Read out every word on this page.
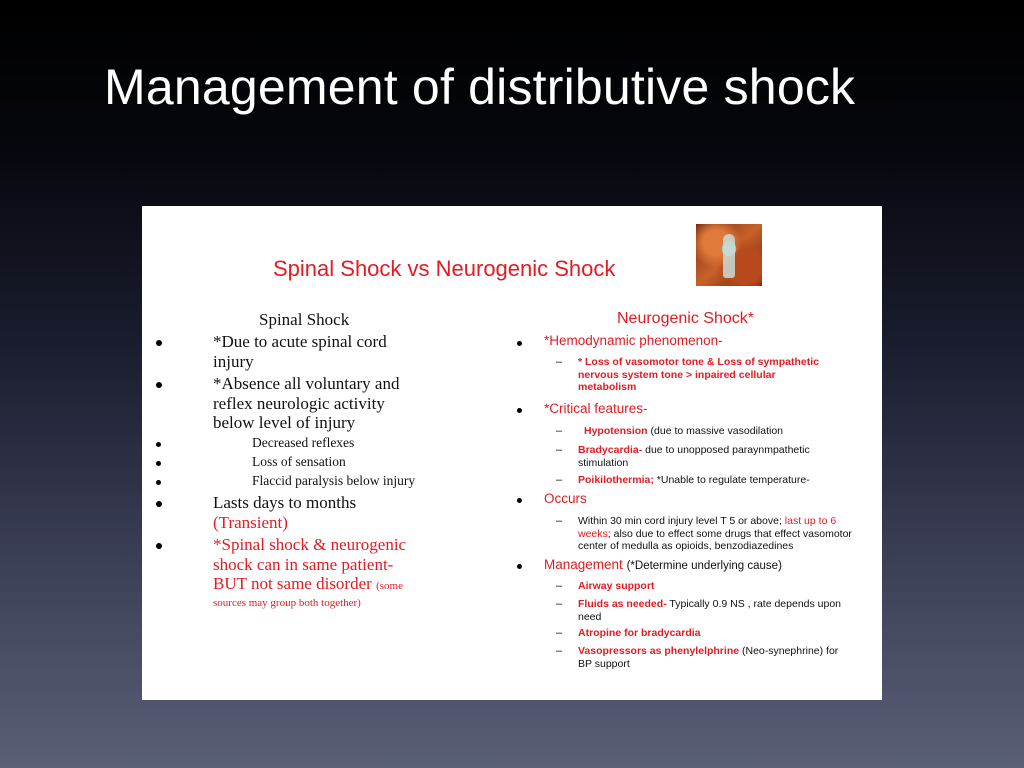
Management of distributive shock
Spinal Shock vs Neurogenic Shock
Spinal Shock
*Due to acute spinal cord
injury
*Absence all voluntary and
reflex neurologic activity
below level of injury
Decreased reflexes
Loss of sensation
Flaccid paralysis below injury
Lasts days to months
(Transient)
*Spinal shock & neurogenic
shock can in same patient-
BUT not same disorder (some
sources may group both together)
Neurogenic Shock*
*Hemodynamic phenomenon-
– * Loss of vasomotor tone & Loss of sympathetic
nervous system tone > inpaired cellular
metabolism
*Critical features-
– Hypotension (due to massive vasodilation
– Bradycardia- due to unopposed paraynmpathetic
stimulation
– Poikilothermia; *Unable to regulate temperature-
Occurs
– Within 30 min cord injury level T 5 or above; last up to 6
weeks; also due to effect some drugs that effect vasomotor
center of medulla as opioids, benzodiazedines
Management (*Determine underlying cause)
– Airway support
– Fluids as needed- Typically 0.9 NS , rate depends upon
need
– Atropine for bradycardia
– Vasopressors as phenylelphrine (Neo-synephrine) for
BP support
